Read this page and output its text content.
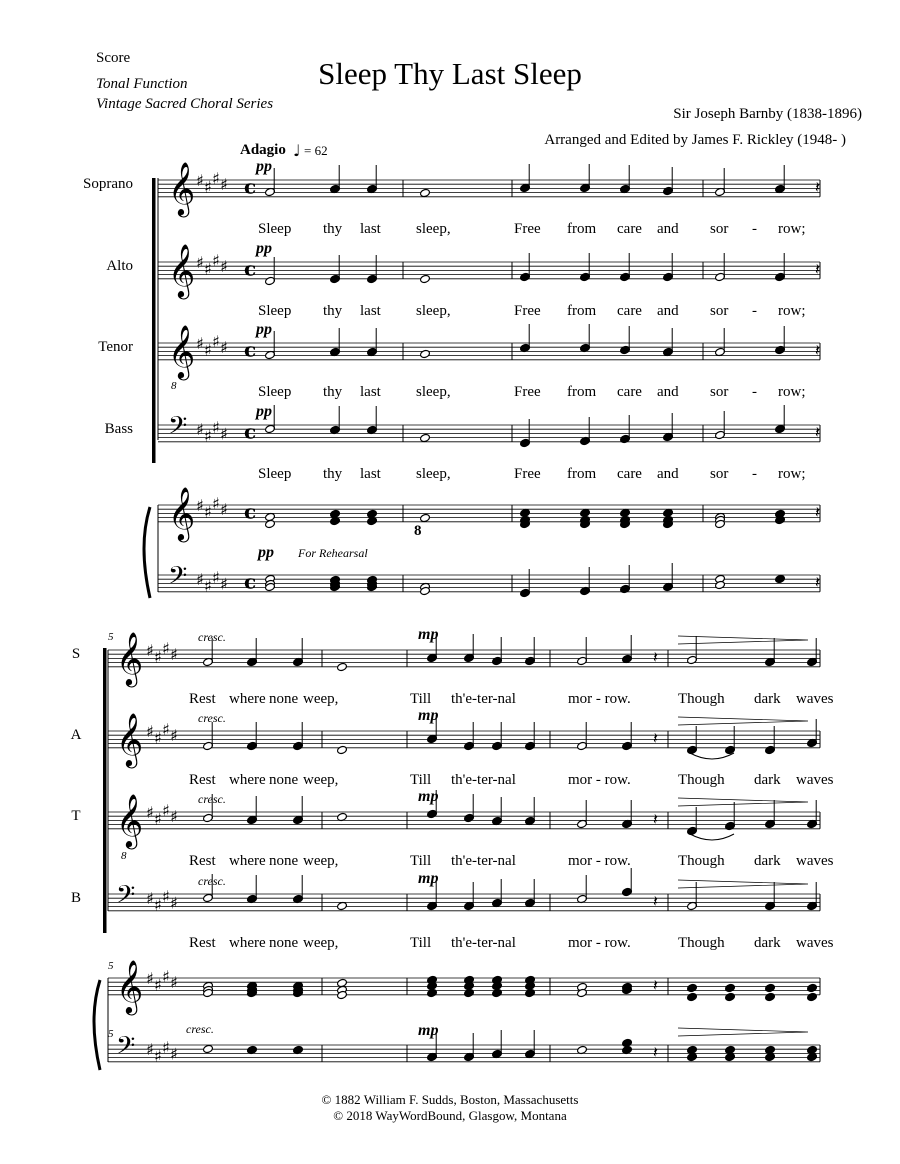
Score
Tonal Function
Vintage Sacred Choral Series
Sleep Thy Last Sleep
Sir Joseph Barnby (1838-1896)
Arranged and Edited by James F. Rickley (1948- )
Adagio = 62
𝄞 ♯ ♯ ♯ ♯ c	𝄽
𝄞 ♯ ♯ ♯ ♯ c	𝄽
𝄞 ♯ ♯ ♯ ♯ c	𝄽
𝄢 ♯ ♯ ♯ ♯ c	𝄽
𝄞 ♯ ♯ ♯ ♯ c
𝄢 ♯ ♯ ♯ ♯ c
𝄽
𝄽
𝄞 ♯ ♯ ♯ ♯	𝄽
𝄞 ♯ ♯ ♯ ♯	𝄽
𝄞 ♯ ♯ ♯ ♯	𝄽
𝄢 ♯ ♯ ♯ ♯	𝄽
𝄞 ♯ ♯ ♯ ♯
𝄢 ♯ ♯ ♯ ♯
𝄽
𝄽
♩
Soprano
pp
Sleep thy last sleep,	Free from care and sor - row;
Alto
pp
Sleep thy last sleep,	Free from care and sor - row;
Tenor
pp
Sleep thy last sleep,	Free from care and sor - row;
Bass
pp
Sleep thy last sleep,	Free from care and sor - row;
8
8
pp For Rehearsal
S
cresc.	mp
Rest where none weep,	Till th'e-ter-nal	mor - row.	Though dark waves
A
cresc.	mp
Rest where none weep,	Till th'e-ter-nal	mor - row.	Though dark waves
T
cresc.	mp
Rest where none weep,	Till th'e-ter-nal	mor - row.	Though dark waves
B
cresc.	mp
Rest where none weep,	Till th'e-ter-nal	mor - row.	Though dark waves
8
5
cresc.	mp
5
5
© 1882 William F. Sudds, Boston, Massachusetts
© 2018 WayWordBound, Glasgow, Montana
